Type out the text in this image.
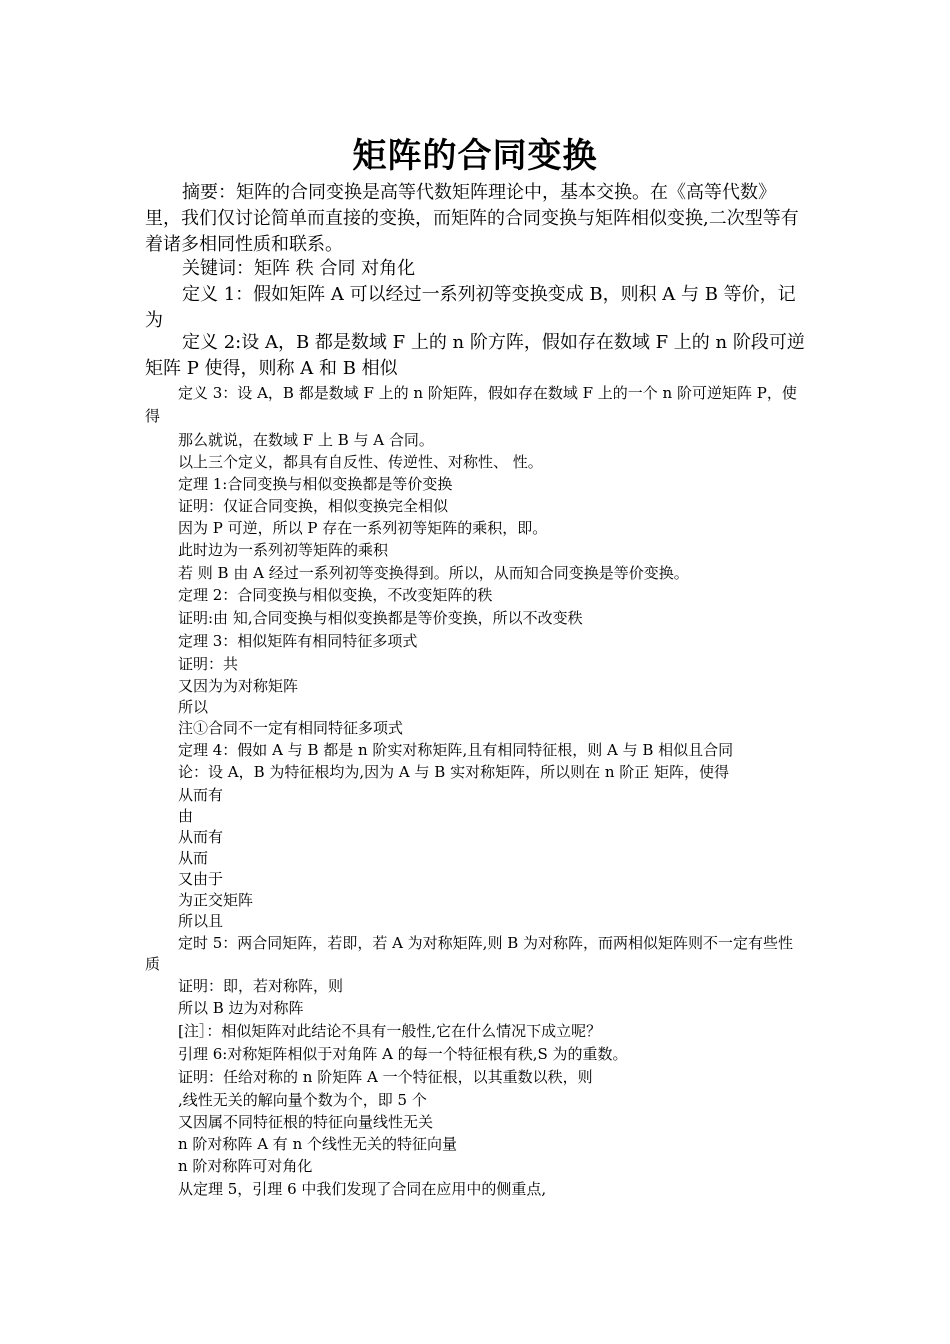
矩阵的合同变换

摘要：矩阵的合同变换是高等代数矩阵理论中，基本交换。在《高等代数》里，我们仅讨论简单而直接的变换，而矩阵的合同变换与矩阵相似变换,二次型等有着诸多相同性质和联系。

关键词：矩阵 秩 合同 对角化

定义 1：假如矩阵 A 可以经过一系列初等变换变成 B，则积 A 与 B 等价，记为

定义 2:设 A，B 都是数域 F 上的 n 阶方阵，假如存在数域 F 上的 n 阶段可逆矩阵 P 使得，则称 A 和 B 相似

定义 3：设 A，B 都是数域 F 上的 n 阶矩阵，假如存在数域 F 上的一个 n 阶可逆矩阵 P，使得

那么就说，在数域 F 上 B 与 A 合同。

以上三个定义，都具有自反性、传逆性、对称性、 性。

定理 1:合同变换与相似变换都是等价变换

证明：仅证合同变换，相似变换完全相似

因为 P 可逆，所以 P 存在一系列初等矩阵的乘积，即。

此时边为一系列初等矩阵的乘积

若 则 B 由 A 经过一系列初等变换得到。所以，从而知合同变换是等价变换。

定理 2：合同变换与相似变换，不改变矩阵的秩

证明:由 知,合同变换与相似变换都是等价变换，所以不改变秩

定理 3：相似矩阵有相同特征多项式

证明：共

又因为为对称矩阵

所以

注①合同不一定有相同特征多项式

定理 4：假如 A 与 B 都是 n 阶实对称矩阵,且有相同特征根，则 A 与 B 相似且合同

论：设 A，B 为特征根均为,因为 A 与 B 实对称矩阵，所以则在 n 阶正 矩阵，使得

从而有

由

从而有

从而

又由于

为正交矩阵

所以且

定时 5：两合同矩阵，若即，若 A 为对称矩阵,则 B 为对称阵，而两相似矩阵则不一定有些性质

证明：即，若对称阵，则

所以 B 边为对称阵

[注］：相似矩阵对此结论不具有一般性,它在什么情况下成立呢？

引理 6:对称矩阵相似于对角阵 A 的每一个特征根有秩,S 为的重数。

证明：任给对称的 n 阶矩阵 A 一个特征根，以其重数以秩，则

,线性无关的解向量个数为个，即 5 个

又因属不同特征根的特征向量线性无关

n 阶对称阵 A 有 n 个线性无关的特征向量

n 阶对称阵可对角化

从定理 5，引理 6 中我们发现了合同在应用中的侧重点,
